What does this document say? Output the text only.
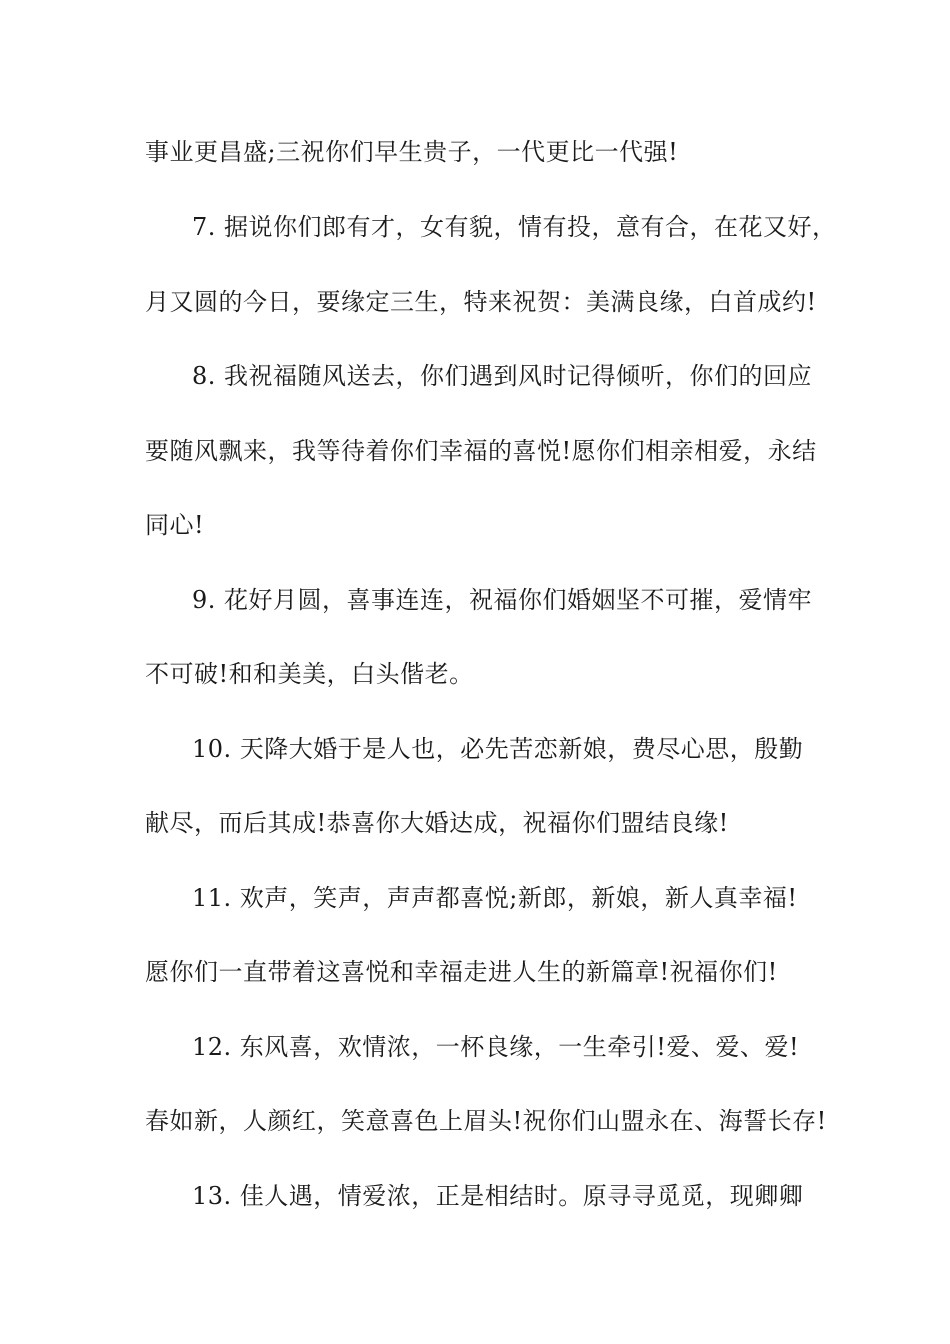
事业更昌盛;三祝你们早生贵子，一代更比一代强!
7. 据说你们郎有才，女有貌，情有投，意有合，在花又好，
月又圆的今日，要缘定三生，特来祝贺：美满良缘，白首成约!
8. 我祝福随风送去，你们遇到风时记得倾听，你们的回应
要随风飘来，我等待着你们幸福的喜悦!愿你们相亲相爱，永结
同心!
9. 花好月圆，喜事连连，祝福你们婚姻坚不可摧，爱情牢
不可破!和和美美，白头偕老。
10. 天降大婚于是人也，必先苦恋新娘，费尽心思，殷勤
献尽，而后其成!恭喜你大婚达成，祝福你们盟结良缘!
11. 欢声，笑声，声声都喜悦;新郎，新娘，新人真幸福!
愿你们一直带着这喜悦和幸福走进人生的新篇章!祝福你们!
12. 东风喜，欢情浓，一杯良缘，一生牵引!爱、爱、爱!
春如新，人颜红，笑意喜色上眉头!祝你们山盟永在、海誓长存!
13. 佳人遇，情爱浓，正是相结时。原寻寻觅觅，现卿卿
